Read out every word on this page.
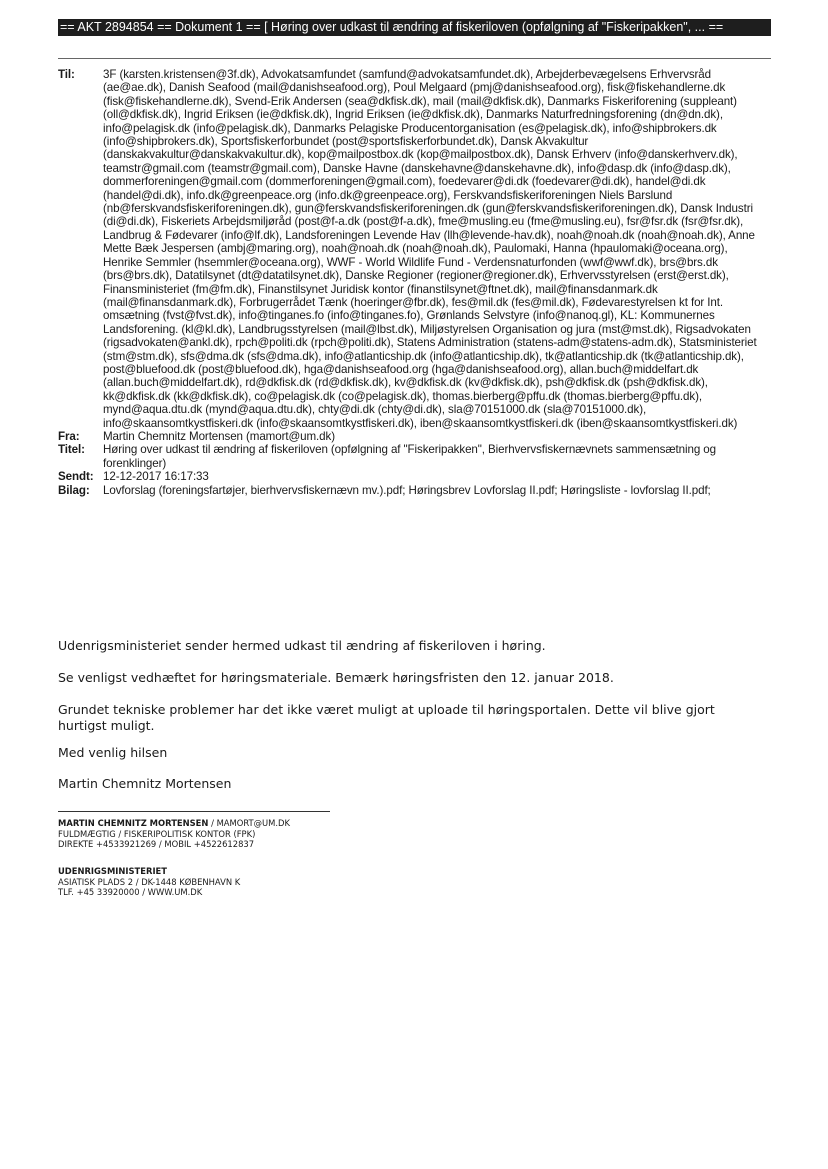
== AKT 2894854 == Dokument 1 == [ Høring over udkast til ændring af fiskeriloven (opfølgning af "Fiskeripakken", ... ==
Til:	3F (karsten.kristensen@3f.dk), Advokatsamfundet (samfund@advokatsamfundet.dk), Arbejderbevægelsens Erhvervsråd (ae@ae.dk), Danish Seafood (mail@danishseafood.org), Poul Melgaard (pmj@danishseafood.org), fisk@fiskehandlerne.dk (fisk@fiskehandlerne.dk), Svend-Erik Andersen (sea@dkfisk.dk), mail (mail@dkfisk.dk), Danmarks Fiskeriforening (suppleant) (oll@dkfisk.dk), Ingrid Eriksen (ie@dkfisk.dk), Ingrid Eriksen (ie@dkfisk.dk), Danmarks Naturfredningsforening (dn@dn.dk), info@pelagisk.dk (info@pelagisk.dk), Danmarks Pelagiske Producentorganisation (es@pelagisk.dk), info@shipbrokers.dk (info@shipbrokers.dk), Sportsfiskerforbundet (post@sportsfiskerforbundet.dk), Dansk Akvakultur (danskakvakultur@danskakvakultur.dk), kop@mailpostbox.dk (kop@mailpostbox.dk), Dansk Erhverv (info@danskerhverv.dk), teamstr@gmail.com (teamstr@gmail.com), Danske Havne (danskehavne@danskehavne.dk), info@dasp.dk (info@dasp.dk), dommerforeningen@gmail.com (dommerforeningen@gmail.com), foedevarer@di.dk (foedevarer@di.dk), handel@di.dk (handel@di.dk), info.dk@greenpeace.org (info.dk@greenpeace.org), Ferskvandsfiskeriforeningen Niels Barslund (nb@ferskvandsfiskeriforeningen.dk), gun@ferskvandsfiskeriforeningen.dk (gun@ferskvandsfiskeriforeningen.dk), Dansk Industri (di@di.dk), Fiskeriets Arbejdsmiljøråd (post@f-a.dk (post@f-a.dk), fme@musling.eu (fme@musling.eu), fsr@fsr.dk (fsr@fsr.dk), Landbrug & Fødevarer (info@lf.dk), Landsforeningen Levende Hav (llh@levende-hav.dk), noah@noah.dk (noah@noah.dk), Anne Mette Bæk Jespersen (ambj@maring.org), noah@noah.dk (noah@noah.dk), Paulomaki, Hanna (hpaulomaki@oceana.org), Henrike Semmler (hsemmler@oceana.org), WWF - World Wildlife Fund - Verdensnaturfonden (wwf@wwf.dk), brs@brs.dk (brs@brs.dk), Datatilsynet (dt@datatilsynet.dk), Danske Regioner (regioner@regioner.dk), Erhvervsstyrelsen (erst@erst.dk), Finansministeriet (fm@fm.dk), Finanstilsynet Juridisk kontor (finanstilsynet@ftnet.dk), mail@finansdanmark.dk (mail@finansdanmark.dk), Forbrugerrådet Tænk (hoeringer@fbr.dk), fes@mil.dk (fes@mil.dk), Fødevarestyrelsen kt for Int. omsætning (fvst@fvst.dk), info@tinganes.fo (info@tinganes.fo), Grønlands Selvstyre (info@nanoq.gl), KL: Kommunernes Landsforening. (kl@kl.dk), Landbrugsstyrelsen (mail@lbst.dk), Miljøstyrelsen Organisation og jura (mst@mst.dk), Rigsadvokaten (rigsadvokaten@ankl.dk), rpch@politi.dk (rpch@politi.dk), Statens Administration (statens-adm@statens-adm.dk), Statsministeriet (stm@stm.dk), sfs@dma.dk (sfs@dma.dk), info@atlanticship.dk (info@atlanticship.dk), tk@atlanticship.dk (tk@atlanticship.dk), post@bluefood.dk (post@bluefood.dk), hga@danishseafood.org (hga@danishseafood.org), allan.buch@middelfart.dk (allan.buch@middelfart.dk), rd@dkfisk.dk (rd@dkfisk.dk), kv@dkfisk.dk (kv@dkfisk.dk), psh@dkfisk.dk (psh@dkfisk.dk), kk@dkfisk.dk (kk@dkfisk.dk), co@pelagisk.dk (co@pelagisk.dk), thomas.bierberg@pffu.dk (thomas.bierberg@pffu.dk), mynd@aqua.dtu.dk (mynd@aqua.dtu.dk), chty@di.dk (chty@di.dk), sla@70151000.dk (sla@70151000.dk), info@skaansomtkystfiskeri.dk (info@skaansomtkystfiskeri.dk), iben@skaansomtkystfiskeri.dk (iben@skaansomtkystfiskeri.dk)
Fra:	Martin Chemnitz Mortensen (mamort@um.dk)
Titel:	Høring over udkast til ændring af fiskeriloven (opfølgning af "Fiskeripakken", Bierhvervsfiskernævnets sammensætning og forenklinger)
Sendt: 12-12-2017 16:17:33
Bilag:	Lovforslag (foreningsfartøjer, bierhvervsfiskernævn mv.).pdf; Høringsbrev Lovforslag II.pdf; Høringsliste - lovforslag II.pdf;
Udenrigsministeriet sender hermed udkast til ændring af fiskeriloven i høring.
Se venligst vedhæftet for høringsmateriale. Bemærk høringsfristen den 12. januar 2018.
Grundet tekniske problemer har det ikke været muligt at uploade til høringsportalen. Dette vil blive gjort hurtigst muligt.
Med venlig hilsen
Martin Chemnitz Mortensen
MARTIN CHEMNITZ MORTENSEN / MAMORT@UM.DK
FULDMÆGTIG / FISKERIPOLITISK KONTOR (FPK)
DIREKTE +4533921269 / MOBIL +4522612837
UDENRIGSMINISTERIET
ASIATISK PLADS 2 / DK-1448 KØBENHAVN K
TLF. +45 33920000 / WWW.UM.DK
